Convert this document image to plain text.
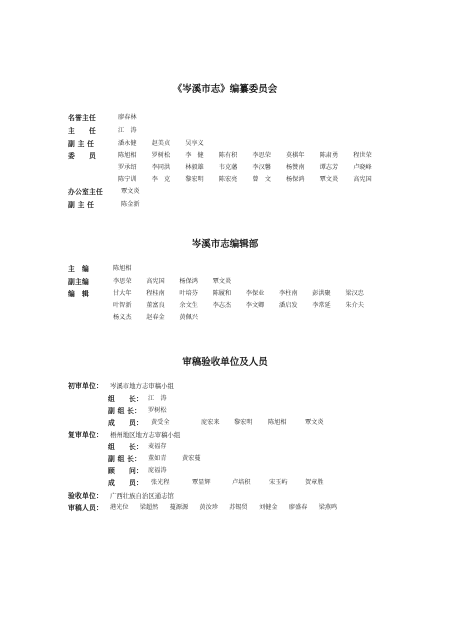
《岑溪市志》编纂委员会
名誉主任	廖春林
主　　任	江　涛
副 主 任	潘永健 赵美贞 吴享义
委　　员	陈旭相 罗树松 李　健 陈有积 李思荣 莫棋年 陈肃勇 程世荣
罗承绍 李同洪 林毅雄 韦克藩 李汉馨 杨赞南 谭志芳 卢晓峰
陈宁训 李　克 黎宏明 陈宏亮 曾　文 杨保鸿 覃文炎 高宪国
办公室主任	覃文炎
副 主 任	陈金新
岑溪市志编辑部
主　编	陈旭相
副主编	李思荣 高宪国 杨保鸿 覃文炎
编　辑	甘大年 程桂南 叶培芬 陈履和 李保业 李柱南 彭洪聚 梁汉忠
叶智新 董富良 余文生 李志杰 李文卿 潘启发 李常延 朱介夫
杨义杰 赵春金 黄佩兴
审稿验收单位及人员
初审单位： 岑溪市地方志审稿小组
组　　长： 江　涛
副 组 长： 罗树松
成　　员： 黄受全	庞宏来 黎宏明 陈旭相	覃文炎
复审单位： 梧州地区地方志审稿小组
组　　长： 麦福存
副 组 长： 董如青 黄宏蔓
顾　　问： 庞福涛
成　　员： 张光程	覃显辉	卢培积	宋玉屿	贺章胜
验收单位： 广西壮族自治区通志馆
审稿人员： 港光位 梁超然 蔓源源 黄汝珍 苏锡贸 刘健金 廖盛春 梁燕鸣
